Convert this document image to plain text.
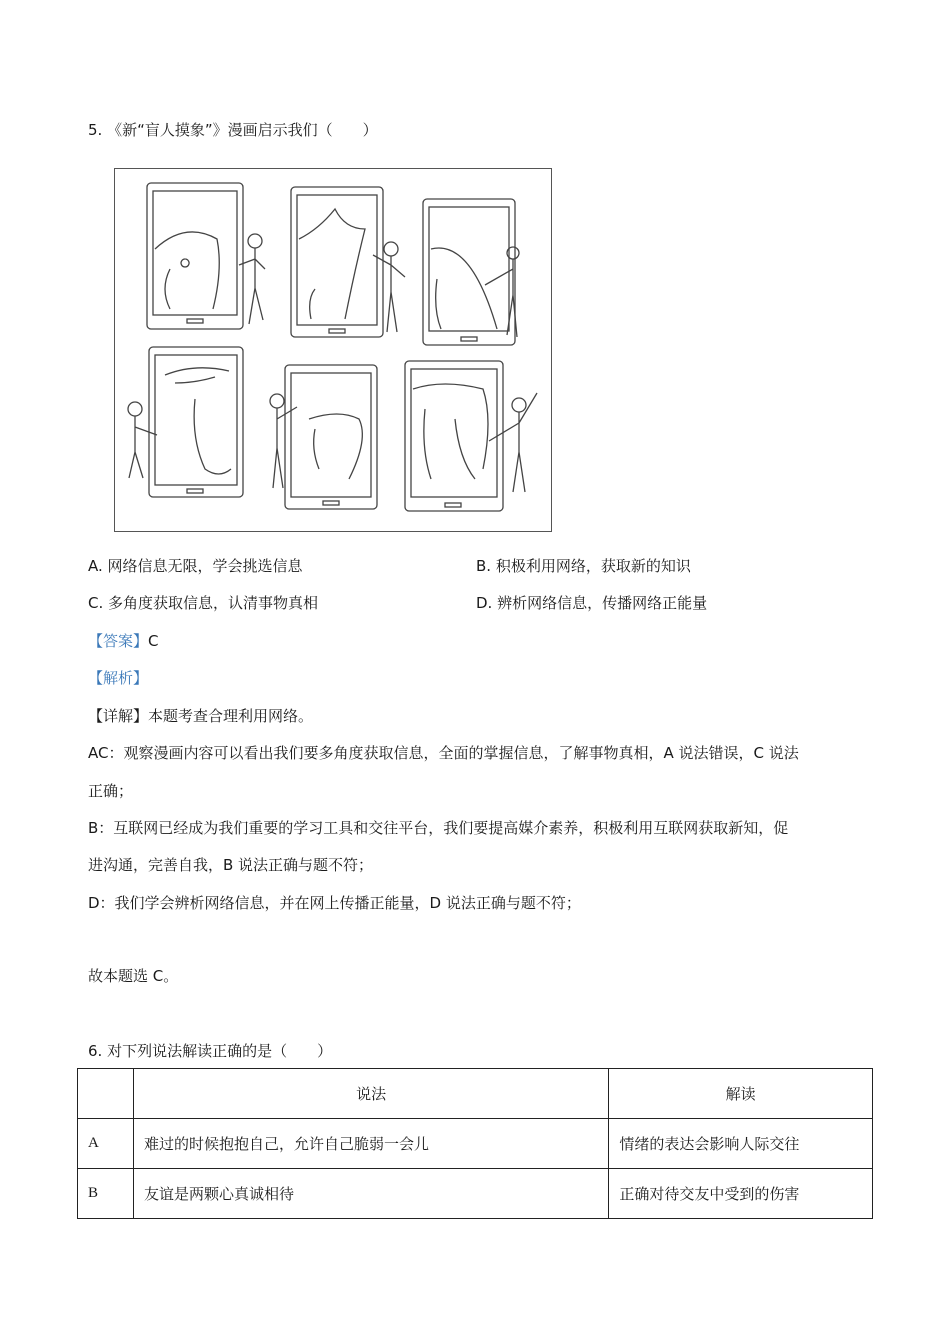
5. 《新“盲人摸象”》漫画启示我们（　　）
A. 网络信息无限，学会挑选信息	B. 积极利用网络，获取新的知识
C. 多角度获取信息，认清事物真相	D. 辨析网络信息，传播网络正能量
【答案】C
【解析】
【详解】本题考查合理利用网络。
AC：观察漫画内容可以看出我们要多角度获取信息，全面的掌握信息，了解事物真相，A 说法错误，C 说法
正确；
B：互联网已经成为我们重要的学习工具和交往平台，我们要提高媒介素养，积极利用互联网获取新知，促
进沟通，完善自我，B 说法正确与题不符；
D：我们学会辨析网络信息，并在网上传播正能量，D 说法正确与题不符；
故本题选 C。
6. 对下列说法解读正确的是（　　）
	说法	解读
A	难过的时候抱抱自己，允许自己脆弱一会儿	情绪的表达会影响人际交往
B	友谊是两颗心真诚相待	正确对待交友中受到的伤害
